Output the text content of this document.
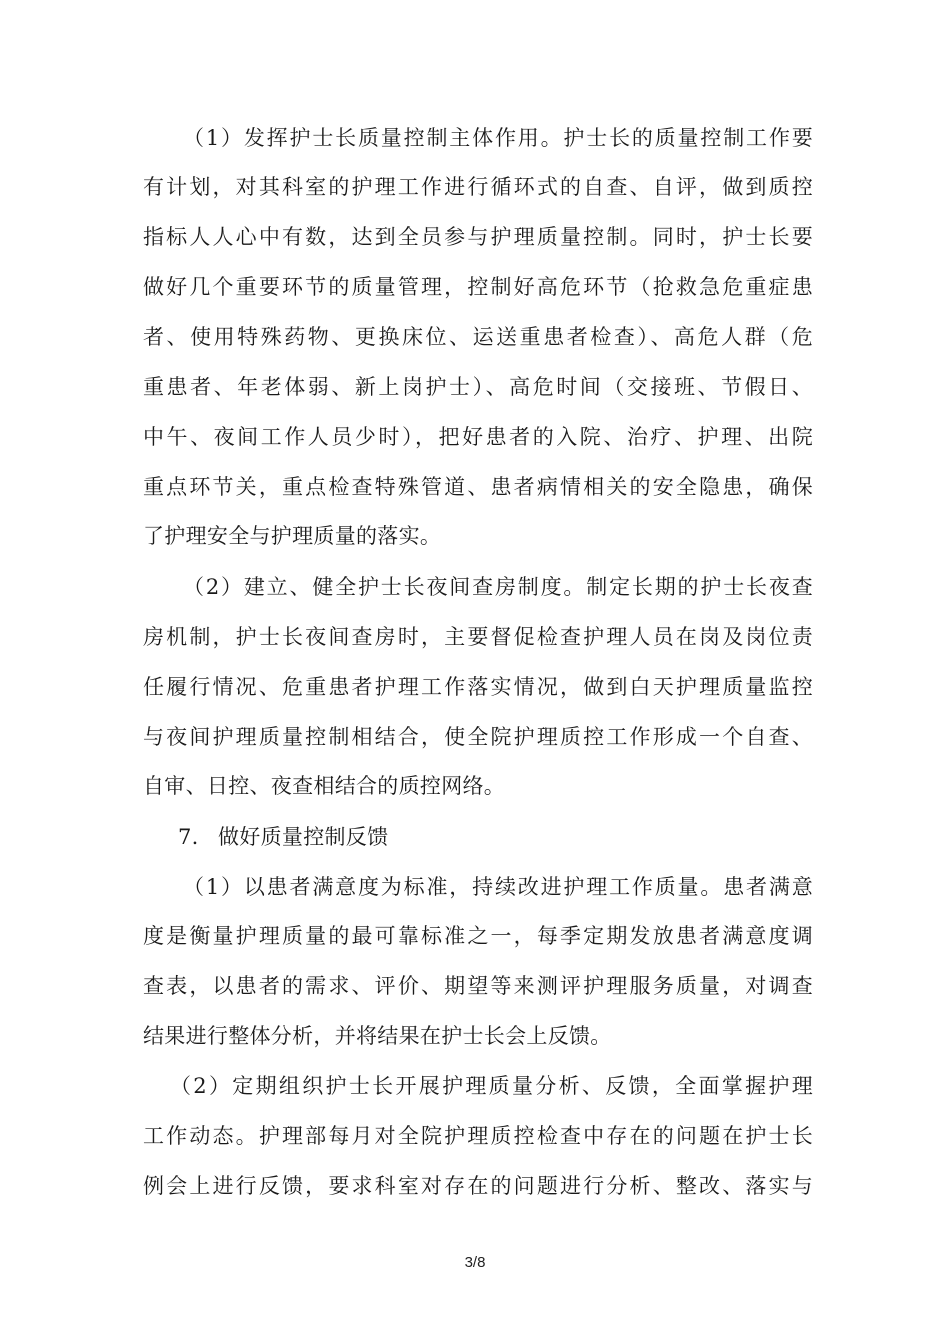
（1）发挥护士长质量控制主体作用。护士长的质量控制工作要
有计划，对其科室的护理工作进行循环式的自查、自评，做到质控
指标人人心中有数，达到全员参与护理质量控制。同时，护士长要
做好几个重要环节的质量管理，控制好高危环节（抢救急危重症患
者、使用特殊药物、更换床位、运送重患者检查）、高危人群（危
重患者、年老体弱、新上岗护士）、高危时间（交接班、节假日、
中午、夜间工作人员少时），把好患者的入院、治疗、护理、出院
重点环节关，重点检查特殊管道、患者病情相关的安全隐患，确保
了护理安全与护理质量的落实。
（2）建立、健全护士长夜间查房制度。制定长期的护士长夜查
房机制，护士长夜间查房时，主要督促检查护理人员在岗及岗位责
任履行情况、危重患者护理工作落实情况，做到白天护理质量监控
与夜间护理质量控制相结合，使全院护理质控工作形成一个自查、
自审、日控、夜查相结合的质控网络。
7. 做好质量控制反馈
（1）以患者满意度为标准，持续改进护理工作质量。患者满意
度是衡量护理质量的最可靠标准之一，每季定期发放患者满意度调
查表，以患者的需求、评价、期望等来测评护理服务质量，对调查
结果进行整体分析，并将结果在护士长会上反馈。
（2）定期组织护士长开展护理质量分析、反馈，全面掌握护理
工作动态。护理部每月对全院护理质控检查中存在的问题在护士长
例会上进行反馈，要求科室对存在的问题进行分析、整改、落实与
3/8
